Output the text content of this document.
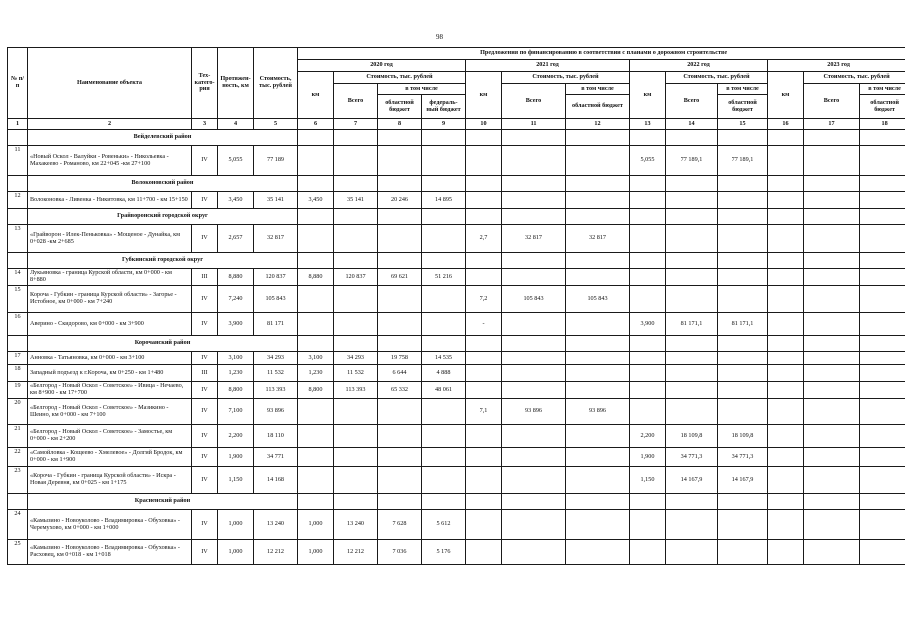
98
№ п/п	Наименование объекта	Тех-катего-рия	Протяжен-ность, км	Стоимость, тыс. рублей	Предложения по финансированию в соответствии с планами о дорожном строительстве												
					2020 год				2021 год			2022 год			2023 год		
					км	Стоимость, тыс. рублей			км	Стоимость, тыс. рублей		км	Стоимость, тыс. рублей		км	Стоимость, тыс. рублей	
						Всего	в том числе			Всего	в том числе		Всего	в том числе		Всего	в том числе
							областной бюджет	федераль-ный бюджет			областной бюджет			областной бюджет			областной бюджет
1	2	3	4	5	6	7	8	9	10	11	12	13	14	15	16	17	18
	Вейделевский район																
11	«Новый Оскол - Валуйки - Ровеньки» - Никольевка - Махакеево - Романово, км 22+045 -км 27+100	IV	5,055	77 189								5,055	77 189,1	77 189,1			
	Волоконовский район																
12	Волоконовка - Ливенка - Никитовка, км 11+700 - км 15+150	IV	3,450	35 141	3,450	35 141	20 246	14 895									
	Грайворонский городской округ																
13	«Грайворон - Илек-Пеньковка» - Мощеное - Дунайка, км 0+028 -км 2+685	IV	2,657	32 817					2,7	32 817	32 817						
	Губкинский городской округ																
14	Лукьяновка - граница Курской области, км 0+000 - км 8+880	III	8,880	120 837	8,880	120 837	69 621	51 216									
15	Короча - Губкин - граница Курской области» - Загорье - Истобное, км 0+000 - км 7+240	IV	7,240	105 843					7,2	105 843	105 843						
16	Аверино - Скидорово, км 0+000 - км 3+900	IV	3,900	81 171					-			3,900	81 171,1	81 171,1			
	Корочанский район																
17	Анновка - Татьяновка, км 0+000 - км 3+100	IV	3,100	34 293	3,100	34 293	19 758	14 535									
18	Западный подъезд к г.Короча, км 0+250 - км 1+480	III	1,230	11 532	1,230	11 532	6 644	4 888									
19	«Белгород - Новый Оскол - Советское» - Ивица - Нечаево, км 8+900 - км 17+700	IV	8,800	113 393	8,800	113 393	65 332	48 061									
20	«Белгород - Новый Оскол - Советское» - Мазикино - Шеино, км 0+000 - км 7+100	IV	7,100	93 896					7,1	93 896	93 896						
21	«Белгород - Новый Оскол - Советское» - Замостье, км 0+000 - км 2+200	IV	2,200	18 110								2,200	18 109,8	18 109,8			
22	«Самойловка - Кощеево - Хмелевое» - Долгий Бродок, км 0+000 - км 1+900	IV	1,900	34 771								1,900	34 771,3	34 771,3			
23	«Короча - Губкин - граница Курской области» - Искра - Новая Деревня, км 0+025 - км 1+175	IV	1,150	14 168								1,150	14 167,9	14 167,9			
	Красненский район																
24	«Камызино - Новоуколово - Владимировка - Обуховка» - Черемухово, км 0+000 - км 1+000	IV	1,000	13 240	1,000	13 240	7 628	5 612									
25	«Камызино - Новоуколово - Владимировка - Обуховка» - Расховец, км 0+018 - км 1+018	IV	1,000	12 212	1,000	12 212	7 036	5 176									
